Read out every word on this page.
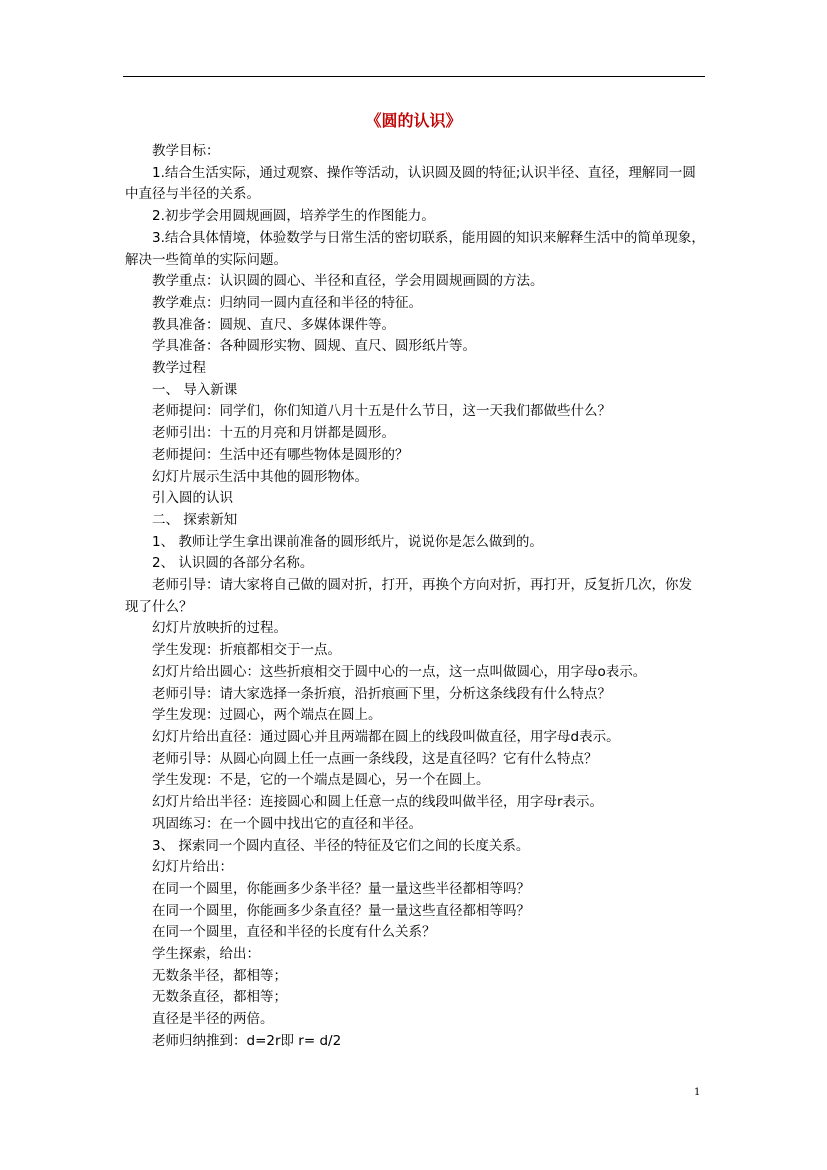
《圆的认识》

教学目标：

1.结合生活实际，通过观察、操作等活动，认识圆及圆的特征;认识半径、直径，理解同一圆中直径与半径的关系。

2.初步学会用圆规画圆，培养学生的作图能力。

3.结合具体情境，体验数学与日常生活的密切联系，能用圆的知识来解释生活中的简单现象，解决一些简单的实际问题。

教学重点：认识圆的圆心、半径和直径，学会用圆规画圆的方法。

教学难点：归纳同一圆内直径和半径的特征。

教具准备：圆规、直尺、多媒体课件等。

学具准备：各种圆形实物、圆规、直尺、圆形纸片等。

教学过程

一、 导入新课

老师提问：同学们，你们知道八月十五是什么节日，这一天我们都做些什么？

老师引出：十五的月亮和月饼都是圆形。

老师提问：生活中还有哪些物体是圆形的？

幻灯片展示生活中其他的圆形物体。

引入圆的认识

二、 探索新知

1、 教师让学生拿出课前准备的圆形纸片，说说你是怎么做到的。

2、 认识圆的各部分名称。

老师引导：请大家将自己做的圆对折，打开，再换个方向对折，再打开，反复折几次，你发现了什么？

幻灯片放映折的过程。

学生发现：折痕都相交于一点。

幻灯片给出圆心：这些折痕相交于圆中心的一点，这一点叫做圆心，用字母o表示。

老师引导：请大家选择一条折痕，沿折痕画下里，分析这条线段有什么特点？

学生发现：过圆心，两个端点在圆上。

幻灯片给出直径：通过圆心并且两端都在圆上的线段叫做直径，用字母d表示。

老师引导：从圆心向圆上任一点画一条线段，这是直径吗？它有什么特点？

学生发现：不是，它的一个端点是圆心，另一个在圆上。

幻灯片给出半径：连接圆心和圆上任意一点的线段叫做半径，用字母r表示。

巩固练习：在一个圆中找出它的直径和半径。

3、 探索同一个圆内直径、半径的特征及它们之间的长度关系。

幻灯片给出：

在同一个圆里，你能画多少条半径？量一量这些半径都相等吗？

在同一个圆里，你能画多少条直径？量一量这些直径都相等吗？

在同一个圆里，直径和半径的长度有什么关系？

学生探索，给出：

无数条半径，都相等；

无数条直径，都相等；

直径是半径的两倍。

老师归纳推到：d=2r即 r= d/2

1
